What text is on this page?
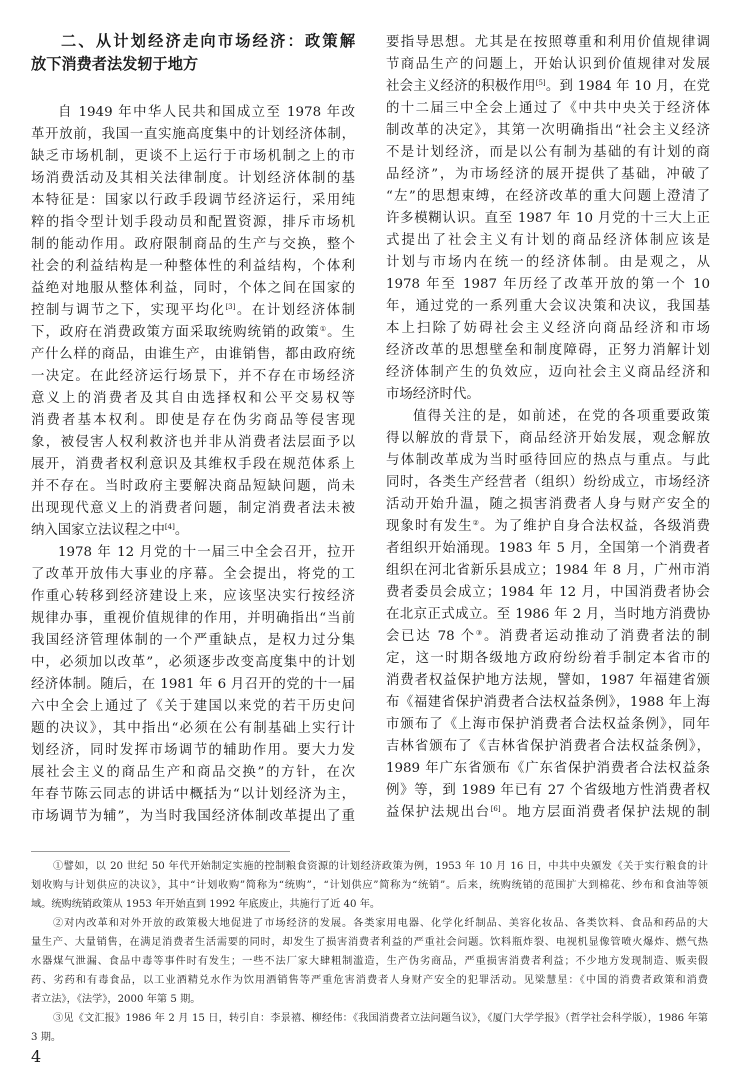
二、从计划经济走向市场经济：政策解
放下消费者法发轫于地方
自 1949 年中华人民共和国成立至 1978 年改
革开放前，我国一直实施高度集中的计划经济体制，
缺乏市场机制，更谈不上运行于市场机制之上的市
场消费活动及其相关法律制度。计划经济体制的基
本特征是：国家以行政手段调节经济运行，采用纯
粹的指令型计划手段动员和配置资源，排斥市场机
制的能动作用。政府限制商品的生产与交换，整个
社会的利益结构是一种整体性的利益结构，个体利
益绝对地服从整体利益，同时，个体之间在国家的
控制与调节之下，实现平均化[3]。在计划经济体制
下，政府在消费政策方面采取统购统销的政策①。生
产什么样的商品，由谁生产，由谁销售，都由政府统
一决定。在此经济运行场景下，并不存在市场经济
意义上的消费者及其自由选择权和公平交易权等
消费者基本权利。即使是存在伪劣商品等侵害现
象，被侵害人权利救济也并非从消费者法层面予以
展开，消费者权利意识及其维权手段在规范体系上
并不存在。当时政府主要解决商品短缺问题，尚未
出现现代意义上的消费者问题，制定消费者法未被
纳入国家立法议程之中[4]。
1978 年 12 月党的十一届三中全会召开，拉开
了改革开放伟大事业的序幕。全会提出，将党的工
作重心转移到经济建设上来，应该坚决实行按经济
规律办事，重视价值规律的作用，并明确指出“当前
我国经济管理体制的一个严重缺点，是权力过分集
中，必须加以改革”，必须逐步改变高度集中的计划
经济体制。随后，在 1981 年 6 月召开的党的十一届
六中全会上通过了《关于建国以来党的若干历史问
题的决议》，其中指出“必须在公有制基础上实行计
划经济，同时发挥市场调节的辅助作用。要大力发
展社会主义的商品生产和商品交换”的方针，在次
年春节陈云同志的讲话中概括为“以计划经济为主，
市场调节为辅”，为当时我国经济体制改革提出了重
要指导思想。尤其是在按照尊重和利用价值规律调
节商品生产的问题上，开始认识到价值规律对发展
社会主义经济的积极作用[5]。到 1984 年 10 月，在党
的十二届三中全会上通过了《中共中央关于经济体
制改革的决定》，其第一次明确指出“社会主义经济
不是计划经济，而是以公有制为基础的有计划的商
品经济”，为市场经济的展开提供了基础，冲破了
“左”的思想束缚，在经济改革的重大问题上澄清了
许多模糊认识。直至 1987 年 10 月党的十三大上正
式提出了社会主义有计划的商品经济体制应该是
计划与市场内在统一的经济体制。由是观之，从
1978 年至 1987 年历经了改革开放的第一个 10
年，通过党的一系列重大会议决策和决议，我国基
本上扫除了妨碍社会主义经济向商品经济和市场
经济改革的思想壁垒和制度障碍，正努力消解计划
经济体制产生的负效应，迈向社会主义商品经济和
市场经济时代。
值得关注的是，如前述，在党的各项重要政策
得以解放的背景下，商品经济开始发展，观念解放
与体制改革成为当时亟待回应的热点与重点。与此
同时，各类生产经营者（组织）纷纷成立，市场经济
活动开始升温，随之损害消费者人身与财产安全的
现象时有发生②。为了维护自身合法权益，各级消费
者组织开始涌现。1983 年 5 月，全国第一个消费者
组织在河北省新乐县成立；1984 年 8 月，广州市消
费者委员会成立；1984 年 12 月，中国消费者协会
在北京正式成立。至 1986 年 2 月，当时地方消费协
会已达 78 个③。消费者运动推动了消费者法的制
定，这一时期各级地方政府纷纷着手制定本省市的
消费者权益保护地方法规，譬如，1987 年福建省颁
布《福建省保护消费者合法权益条例》，1988 年上海
市颁布了《上海市保护消费者合法权益条例》，同年
吉林省颁布了《吉林省保护消费者合法权益条例》，
1989 年广东省颁布《广东省保护消费者合法权益条
例》等，到 1989 年已有 27 个省级地方性消费者权
益保护法规出台[6]。地方层面消费者保护法规的制
①譬如，以 20 世纪 50 年代开始制定实施的控制粮食资源的计划经济政策为例，1953 年 10 月 16 日，中共中央颁发《关于实行粮食的计
划收购与计划供应的决议》，其中“计划收购”简称为“统购”，“计划供应”简称为“统销”。后来，统购统销的范围扩大到棉花、纱布和食油等领
域。统购统销政策从 1953 年开始直到 1992 年底废止，共施行了近 40 年。
②对内改革和对外开放的政策极大地促进了市场经济的发展。各类家用电器、化学化纤制品、美容化妆品、各类饮料、食品和药品的大
量生产、大量销售，在满足消费者生活需要的同时，却发生了损害消费者利益的严重社会问题。饮料瓶炸裂、电视机显像管喷火爆炸、燃气热
水器煤气泄漏、食品中毒等事件时有发生；一些不法厂家大肆粗制滥造，生产伪劣商品，严重损害消费者利益；不少地方发现制造、贩卖假
药、劣药和有毒食品，以工业酒精兑水作为饮用酒销售等严重危害消费者人身财产安全的犯罪活动。见梁慧星：《中国的消费者政策和消费
者立法》，《法学》，2000 年第 5 期。
③见《文汇报》1986 年 2 月 15 日，转引自：李景禧、柳经伟：《我国消费者立法问题刍议》，《厦门大学学报》（哲学社会科学版），1986 年第
3 期。
4
